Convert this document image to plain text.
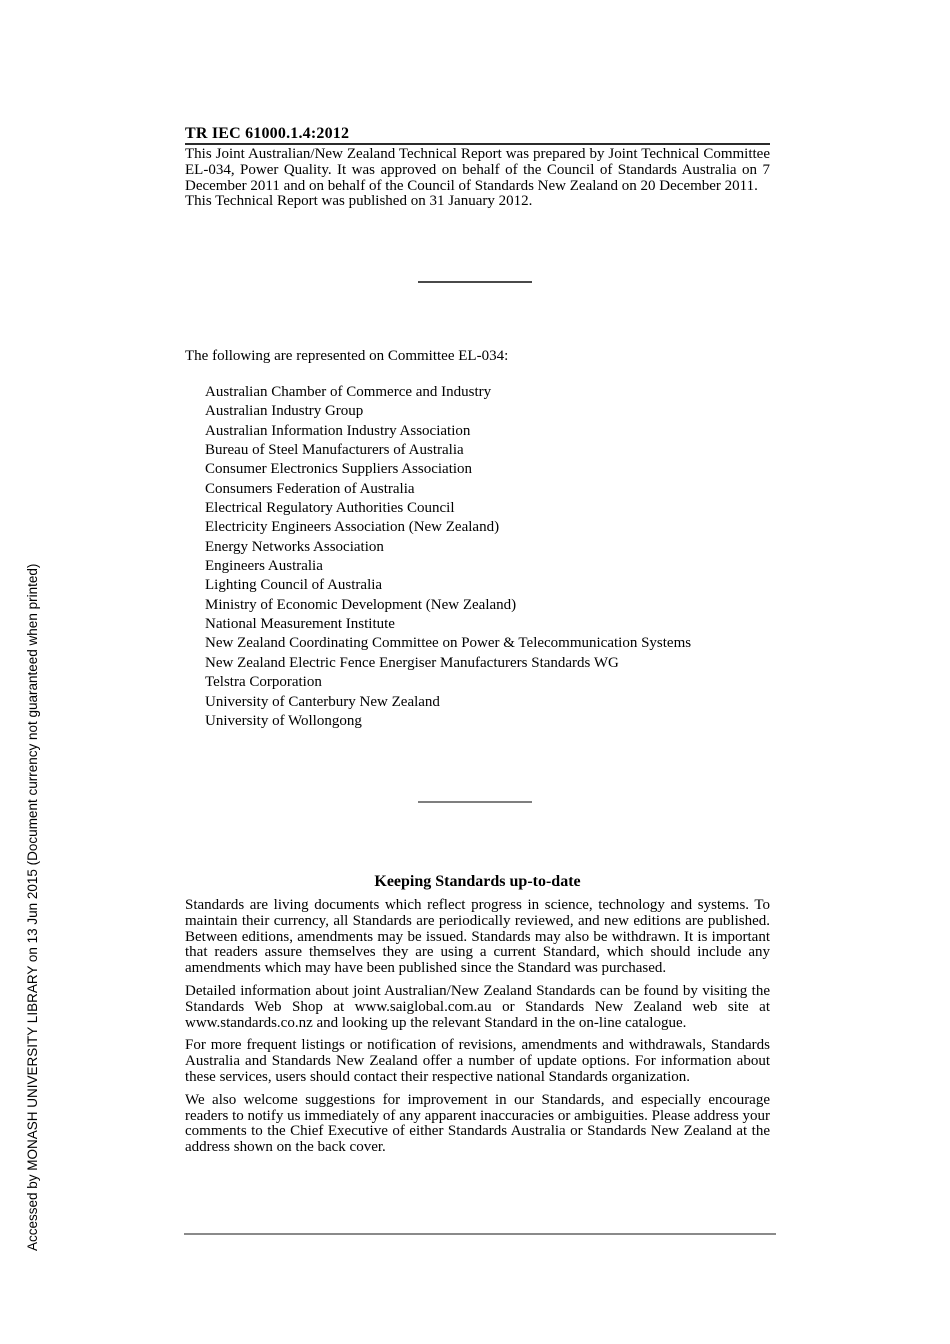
Accessed by MONASH UNIVERSITY LIBRARY on 13 Jun 2015 (Document currency not guaranteed when printed)
TR IEC 61000.1.4:2012
This Joint Australian/New Zealand Technical Report was prepared by Joint Technical Committee EL-034, Power Quality. It was approved on behalf of the Council of Standards Australia on 7 December 2011 and on behalf of the Council of Standards New Zealand on 20 December 2011.
This Technical Report was published on 31 January 2012.
The following are represented on Committee EL-034:
Australian Chamber of Commerce and Industry
Australian Industry Group
Australian Information Industry Association
Bureau of Steel Manufacturers of Australia
Consumer Electronics Suppliers Association
Consumers Federation of Australia
Electrical Regulatory Authorities Council
Electricity Engineers Association (New Zealand)
Energy Networks Association
Engineers Australia
Lighting Council of Australia
Ministry of Economic Development (New Zealand)
National Measurement Institute
New Zealand Coordinating Committee on Power & Telecommunication Systems
New Zealand Electric Fence Energiser Manufacturers Standards WG
Telstra Corporation
University of Canterbury New Zealand
University of Wollongong
Keeping Standards up-to-date
Standards are living documents which reflect progress in science, technology and systems. To maintain their currency, all Standards are periodically reviewed, and new editions are published. Between editions, amendments may be issued. Standards may also be withdrawn. It is important that readers assure themselves they are using a current Standard, which should include any amendments which may have been published since the Standard was purchased.
Detailed information about joint Australian/New Zealand Standards can be found by visiting the Standards Web Shop at www.saiglobal.com.au or Standards New Zealand web site at www.standards.co.nz and looking up the relevant Standard in the on-line catalogue.
For more frequent listings or notification of revisions, amendments and withdrawals, Standards Australia and Standards New Zealand offer a number of update options. For information about these services, users should contact their respective national Standards organization.
We also welcome suggestions for improvement in our Standards, and especially encourage readers to notify us immediately of any apparent inaccuracies or ambiguities. Please address your comments to the Chief Executive of either Standards Australia or Standards New Zealand at the address shown on the back cover.
